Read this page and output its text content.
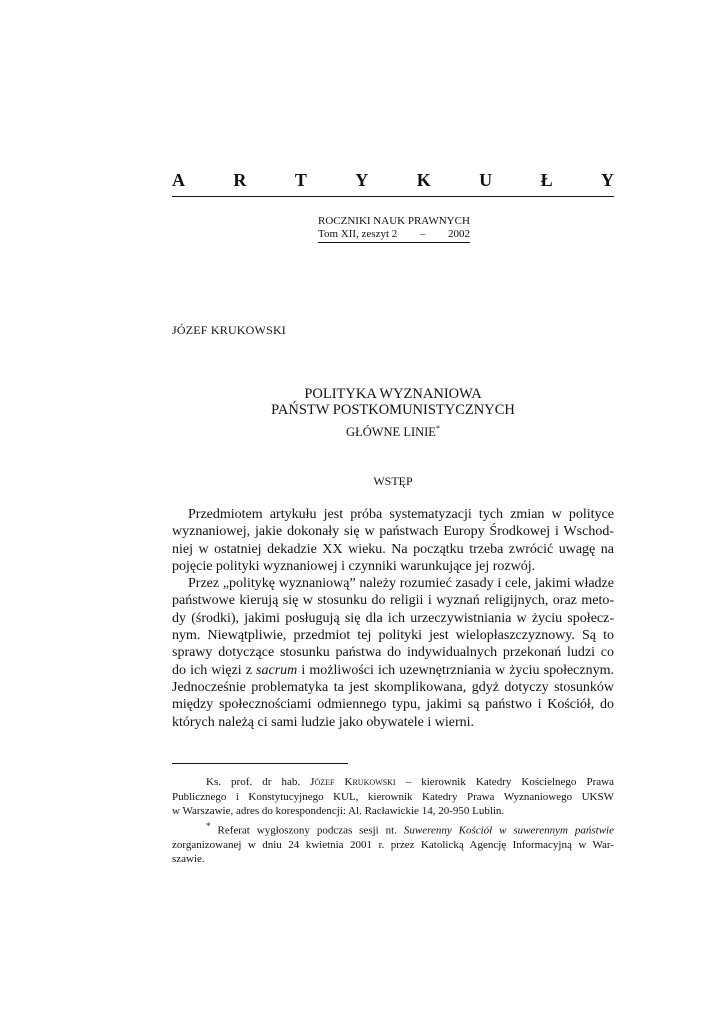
A	R	T	Y	K	U	Ł	Y
ROCZNIKI NAUK PRAWNYCH
Tom XII, zeszyt 2 – 2002
JÓZEF KRUKOWSKI
POLITYKA WYZNANIOWA
PAŃSTW POSTKOMUNISTYCZNYCH
GŁÓWNE LINIE*
WSTĘP

Przedmiotem artykułu jest próba systematyzacji tych zmian w polityce
wyznaniowej, jakie dokonały się w państwach Europy Środkowej i Wschod-
niej w ostatniej dekadzie XX wieku. Na początku trzeba zwrócić uwagę na
pojęcie polityki wyznaniowej i czynniki warunkujące jej rozwój.

Przez „politykę wyznaniową” należy rozumieć zasady i cele, jakimi władze
państwowe kierują się w stosunku do religii i wyznań religijnych, oraz meto-
dy (środki), jakimi posługują się dla ich urzeczywistniania w życiu społecz-
nym. Niewątpliwie, przedmiot tej polityki jest wielopłaszczyznowy. Są to
sprawy dotyczące stosunku państwa do indywidualnych przekonań ludzi co
do ich więzi z sacrum i możliwości ich uzewnętrzniania w życiu społecznym.
Jednocześnie problematyka ta jest skomplikowana, gdyż dotyczy stosunków
między społecznościami odmiennego typu, jakimi są państwo i Kościół, do
których należą ci sami ludzie jako obywatele i wierni.

Ks. prof. dr hab. Józef Krukowski – kierownik Katedry Kościelnego Prawa
Publicznego i Konstytucyjnego KUL, kierownik Katedry Prawa Wyznaniowego UKSW
w Warszawie, adres do korespondencji: Al. Racławickie 14, 20-950 Lublin.
* Referat wygłoszony podczas sesji nt. Suwerenny Kościół w suwerennym państwie
zorganizowanej w dniu 24 kwietnia 2001 r. przez Katolicką Agencję Informacyjną w War-
szawie.
